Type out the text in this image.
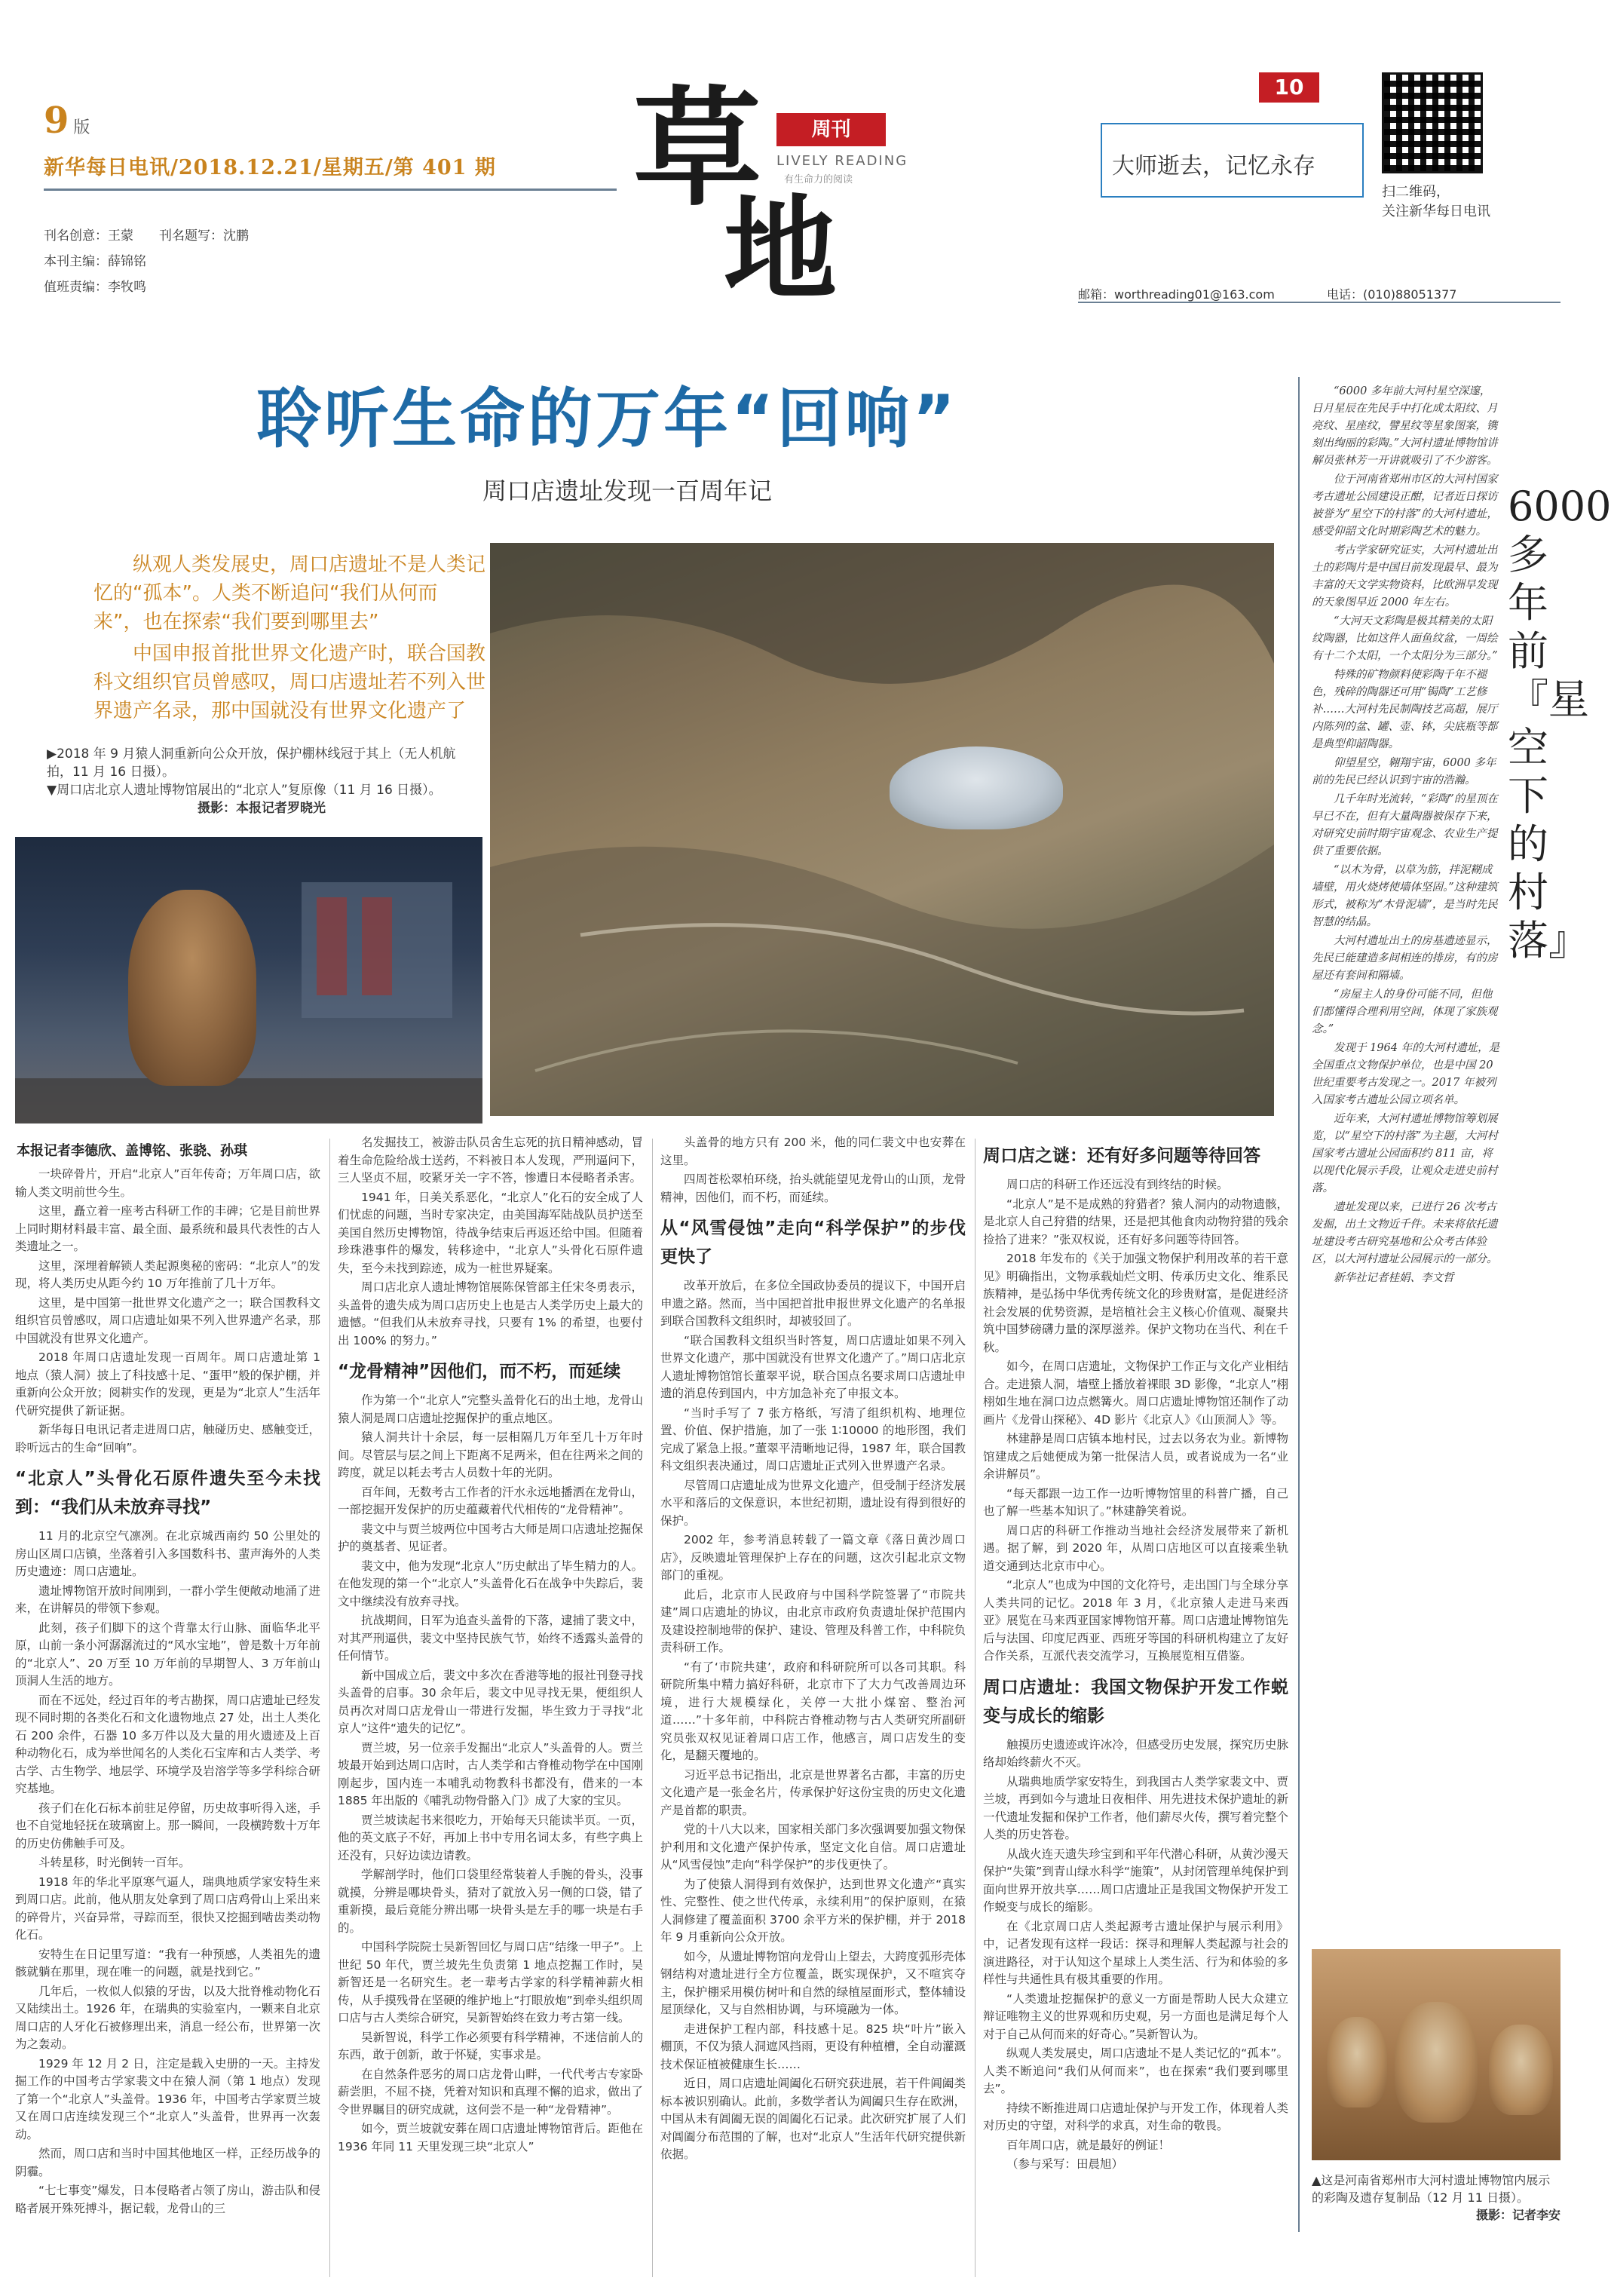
9 版
新华每日电讯/2018.12.21/星期五/第 401 期
刊名创意：王蒙　　刊名题写：沈鹏
本刊主编：薛锦铭
值班责编：李牧鸣
草
地
周刊
LIVELY READING
有生命力的阅读
10
大师逝去，记忆永存
扫二维码，
关注新华每日电讯
邮箱：worthreading01@163.com	电话：(010)88051377
聆听生命的万年“回响”
周口店遗址发现一百周年记
纵观人类发展史，周口店遗址不是人类记忆的“孤本”。人类不断追问“我们从何而来”，也在探索“我们要到哪里去”
中国申报首批世界文化遗产时，联合国教科文组织官员曾感叹，周口店遗址若不列入世界遗产名录，那中国就没有世界文化遗产了
▶2018 年 9 月猿人洞重新向公众开放，保护棚林线冠于其上（无人机航拍，11 月 16 日摄）。
▼周口店北京人遗址博物馆展出的“北京人”复原像（11 月 16 日摄）。
摄影：本报记者罗晓光
本报记者李德欣、盖博铭、张骁、孙琪

一块碎骨片，开启“北京人”百年传奇；万年周口店，欲输人类文明前世今生。

这里，矗立着一座考古科研工作的丰碑；它是目前世界上同时期材料最丰富、最全面、最系统和最具代表性的古人类遗址之一。

这里，深埋着解锁人类起源奥秘的密码：“北京人”的发现，将人类历史从距今约 10 万年推前了几十万年。

这里，是中国第一批世界文化遗产之一；联合国教科文组织官员曾感叹，周口店遗址如果不列入世界遗产名录，那中国就没有世界文化遗产。

2018 年周口店遗址发现一百周年。周口店遗址第 1 地点（猿人洞）披上了科技感十足、“蛋甲”般的保护棚，并重新向公众开放；阅耕实作的发现，更是为“北京人”生活年代研究提供了新证据。

新华每日电讯记者走进周口店，触碰历史、感触变迁，聆听远古的生命“回响”。

“北京人”头骨化石原件遗失至今未找到：“我们从未放弃寻找”

11 月的北京空气凛冽。在北京城西南约 50 公里处的房山区周口店镇，坐落着引入多国数科书、蜚声海外的人类历史遗迹：周口店遗址。

遗址博物馆开放时间刚到，一群小学生便敞动地涌了进来，在讲解员的带领下参观。

此刻，孩子们脚下的这个背靠太行山脉、面临华北平原，山前一条小河潺潺流过的“风水宝地”，曾是数十万年前的“北京人”、20 万至 10 万年前的早期智人、3 万年前山顶洞人生活的地方。

而在不远处，经过百年的考古勘探，周口店遗址已经发现不同时期的各类化石和文化遗物地点 27 处，出土人类化石 200 余件，石器 10 多万件以及大量的用火遗迹及上百种动物化石，成为举世闻名的人类化石宝库和古人类学、考古学、古生物学、地层学、环境学及岩溶学等多学科综合研究基地。

孩子们在化石标本前驻足停留，历史故事听得入迷，手也不自觉地轻抚在玻璃窗上。那一瞬间，一段横跨数十万年的历史仿佛触手可及。

斗转星移，时光倒转一百年。

1918 年的华北平原寒气逼人，瑞典地质学家安特生来到周口店。此前，他从朋友处拿到了周口店鸡骨山上采出来的碎骨片，兴奋异常，寻踪而至，很快又挖掘到啮齿类动物化石。

安特生在日记里写道：“我有一种预感，人类祖先的遗骸就躺在那里，现在唯一的问题，就是找到它。”

几年后，一枚似人似猿的牙齿，以及大批脊椎动物化石又陆续出土。1926 年，在瑞典的实验室内，一颗来自北京周口店的人牙化石被修理出来，消息一经公布，世界第一次为之轰动。

1929 年 12 月 2 日，注定是载入史册的一天。主持发掘工作的中国考古学家裴文中在猿人洞（第 1 地点）发现了第一个“北京人”头盖骨。1936 年，中国考古学家贾兰坡又在周口店连续发现三个“北京人”头盖骨，世界再一次轰动。

然而，周口店和当时中国其他地区一样，正经历战争的阴霾。

“七七事变”爆发，日本侵略者占领了房山，游击队和侵略者展开殊死搏斗，据记载，龙骨山的三

名发掘技工，被游击队员舍生忘死的抗日精神感动，冒着生命危险给战士送药，不料被日本人发现，严刑逼问下，三人坚贞不屈，咬紧牙关一字不答，惨遭日本侵略者杀害。

1941 年，日美关系恶化，“北京人”化石的安全成了人们忧虑的问题，当时专家决定，由美国海军陆战队员护送至美国自然历史博物馆，待战争结束后再返还给中国。但随着珍珠港事件的爆发，转移途中，“北京人”头骨化石原件遗失，至今未找到踪迹，成为一桩世界疑案。

周口店北京人遗址博物馆展陈保管部主任宋冬勇表示，头盖骨的遗失成为周口店历史上也是古人类学历史上最大的遗憾。“但我们从未放弃寻找，只要有 1% 的希望，也要付出 100% 的努力。”

“龙骨精神”因他们，而不朽，而延续

作为第一个“北京人”完整头盖骨化石的出土地，龙骨山猿人洞是周口店遗址挖掘保护的重点地区。

猿人洞共计十余层，每一层相隔几万年至几十万年时间。尽管层与层之间上下距离不足两米，但在往两米之间的跨度，就足以耗去考古人员数十年的光阴。

百年间，无数考古工作者的汗水永远地播洒在龙骨山，一部挖掘开发保护的历史蕴藏着代代相传的“龙骨精神”。

裴文中与贾兰坡两位中国考古大师是周口店遗址挖掘保护的奠基者、见证者。

裴文中，他为发现“北京人”历史献出了毕生精力的人。在他发现的第一个“北京人”头盖骨化石在战争中失踪后，裴文中继续没有放弃寻找。

抗战期间，日军为追查头盖骨的下落，逮捕了裴文中，对其严刑逼供，裴文中坚持民族气节，始终不透露头盖骨的任何情节。

新中国成立后，裴文中多次在香港等地的报社刊登寻找头盖骨的启事。30 余年后，裴文中见寻找无果，便组织人员再次对周口店龙骨山一带进行发掘，毕生致力于寻找“北京人”这件“遗失的记忆”。

贾兰坡，另一位亲手发掘出“北京人”头盖骨的人。贾兰坡最开始到达周口店时，古人类学和古脊椎动物学在中国刚刚起步，国内连一本哺乳动物教科书都没有，借来的一本 1885 年出版的《哺乳动物骨骼入门》成了大家的宝贝。

贾兰坡读起书来很吃力，开始每天只能读半页。一页，他的英文底子不好，再加上书中专用名词太多，有些字典上还没有，只好边读边请教。

学解剖学时，他们口袋里经常装着人手腕的骨头，没事就摸，分辨是哪块骨头，猜对了就放入另一侧的口袋，错了重新摸，最后竟能分辨出哪一块骨头是左手的哪一块是右手的。

中国科学院院士吴新智回忆与周口店“结缘一甲子”。上世纪 50 年代，贾兰坡先生负责第 1 地点挖掘工作时，吴新智还是一名研究生。老一辈考古学家的科学精神薪火相传，从手摸残骨在坚硬的维护地上“打眼放炮”到牵头组织周口店与古人类综合研究，吴新智始终在致力考古第一线。

吴新智说，科学工作必须要有科学精神，不迷信前人的东西，敢于创新，敢于怀疑，实事求是。

在自然条件恶劣的周口店龙骨山畔，一代代考古专家卧薪尝胆，不屈不挠，凭着对知识和真理不懈的追求，做出了令世界瞩目的研究成就，这何尝不是一种“龙骨精神”。

如今，贾兰坡就安葬在周口店遗址博物馆背后。距他在 1936 年同 11 天里发现三块“北京人”

头盖骨的地方只有 200 米，他的同仁裴文中也安葬在这里。

四周苍松翠柏环绕，抬头就能望见龙骨山的山顶，龙骨精神，因他们，而不朽，而延续。

从“风雪侵蚀”走向“科学保护”的步伐更快了

改革开放后，在多位全国政协委员的提议下，中国开启申遗之路。然而，当中国把首批申报世界文化遗产的名单报到联合国教科文组织时，却被驳回了。

“联合国教科文组织当时答复，周口店遗址如果不列入世界文化遗产，那中国就没有世界文化遗产了。”周口店北京人遗址博物馆馆长董翠平说，联合国点名要求周口店遗址申遗的消息传到国内，中方加急补充了申报文本。

“当时手写了 7 张方格纸，写清了组织机构、地理位置、价值、保护措施，加了一张 1∶10000 的地形图，我们完成了紧急上报。”董翠平清晰地记得，1987 年，联合国教科文组织表决通过，周口店遗址正式列入世界遗产名录。

尽管周口店遗址成为世界文化遗产，但受制于经济发展水平和落后的文保意识，本世纪初期，遗址设有得到很好的保护。

2002 年，参考消息转载了一篇文章《落日黄沙周口店》，反映遗址管理保护上存在的问题，这次引起北京文物部门的重视。

此后，北京市人民政府与中国科学院签署了“市院共建”周口店遗址的协议，由北京市政府负责遗址保护范围内及建设控制地带的保护、建设、管理及科普工作，中科院负责科研工作。

“有了‘市院共建’，政府和科研院所可以各司其职。科研院所集中精力搞好科研，北京市下了大力气改善周边环境，进行大规模绿化，关停一大批小煤窑、整治河道……”十多年前，中科院古脊椎动物与古人类研究所副研究员张双权见证着周口店工作，他感言，周口店发生的变化，是翻天覆地的。

习近平总书记指出，北京是世界著名古都，丰富的历史文化遗产是一张金名片，传承保护好这份宝贵的历史文化遗产是首都的职责。

党的十八大以来，国家相关部门多次强调要加强文物保护利用和文化遗产保护传承，坚定文化自信。周口店遗址从“风雪侵蚀”走向“科学保护”的步伐更快了。

为了使猿人洞得到有效保护，达到世界文化遗产“真实性、完整性、使之世代传承，永续利用”的保护原则，在猿人洞修建了覆盖面积 3700 余平方米的保护棚，并于 2018 年 9 月重新向公众开放。

如今，从遗址博物馆向龙骨山上望去，大跨度弧形壳体钢结构对遗址进行全方位覆盖，既实现保护，又不喧宾夺主，保护棚采用模仿树叶和自然的绿植屋面形式，整体辅设屋顶绿化，又与自然相协调，与环境融为一体。

走进保护工程内部，科技感十足。825 块“叶片”嵌入棚顶，不仅为猿人洞遮风挡雨，更设有种植槽，全自动灌溉技术保证植被健康生长……

近日，周口店遗址阊阖化石研究获进展，若干件阊阖类标本被识别确认。此前，多数学者认为阊阖只生存在欧洲，中国从未有阊阖无误的阊阖化石记录。此次研究扩展了人们对阊阖分布范围的了解，也对“北京人”生活年代研究提供新依据。

周口店之谜：还有好多问题等待回答

周口店的科研工作还远没有到终结的时候。

“北京人”是不是成熟的狩猎者？猿人洞内的动物遗骸，是北京人自己狩猎的结果，还是把其他食肉动物狩猎的残余捡拾了进来？”张双权说，还有好多问题等待回答。

2018 年发布的《关于加强文物保护利用改革的若干意见》明确指出，文物承载灿烂文明、传承历史文化、维系民族精神，是弘扬中华优秀传统文化的珍贵财富，是促进经济社会发展的优势资源，是培植社会主义核心价值观、凝聚共筑中国梦磅礴力量的深厚滋养。保护文物功在当代、利在千秋。

如今，在周口店遗址，文物保护工作正与文化产业相结合。走进猿人洞，墙壁上播放着裸眼 3D 影像，“北京人”栩栩如生地在洞口边点燃篝火。周口店遗址博物馆还制作了动画片《龙骨山探秘》、4D 影片《北京人》《山顶洞人》等。

林建静是周口店镇本地村民，过去以务农为业。新博物馆建成之后她便成为第一批保洁人员，或者说成为一名“业余讲解员”。

“每天都跟一边工作一边听博物馆里的科普广播，自己也了解一些基本知识了。”林建静笑着说。

周口店的科研工作推动当地社会经济发展带来了新机遇。据了解，到 2020 年，从周口店地区可以直接乘坐轨道交通到达北京市中心。

“北京人”也成为中国的文化符号，走出国门与全球分享人类共同的记忆。2018 年 3 月，《北京猿人走进马来西亚》展览在马来西亚国家博物馆开幕。周口店遗址博物馆先后与法国、印度尼西亚、西班牙等国的科研机构建立了友好合作关系，互派代表交流学习，互换展览相互借鉴。

周口店遗址：我国文物保护开发工作蜕变与成长的缩影

触摸历史遗迹或许冰冷，但感受历史发展，探究历史脉络却始终薪火不灭。

从瑞典地质学家安特生，到我国古人类学家裴文中、贾兰坡，再到如今与遗址日夜相伴、用先进技术保护遗址的新一代遗址发掘和保护工作者，他们薪尽火传，撰写着完整个人类的历史答卷。

从战火连天遗失珍宝到和平年代潜心科研，从黄沙漫天保护“失策”到青山绿水科学“施策”，从封闭管理单纯保护到面向世界开放共享……周口店遗址正是我国文物保护开发工作蜕变与成长的缩影。

在《北京周口店人类起源考古遗址保护与展示利用》中，记者发现有这样一段话：探寻和理解人类起源与社会的演进路径，对于认知这个星球上人类生活、行为和体验的多样性与共通性具有极其重要的作用。

“人类遗址挖掘保护的意义一方面是帮助人民大众建立辩证唯物主义的世界观和历史观，另一方面也是满足每个人对于自己从何而来的好奇心。”吴新智认为。

纵观人类发展史，周口店遗址不是人类记忆的“孤本”。人类不断追问“我们从何而来”，也在探索“我们要到哪里去”。

持续不断推进周口店遗址保护与开发工作，体现着人类对历史的守望，对科学的求真，对生命的敬畏。

百年周口店，就是最好的例证！

（参与采写：田晨旭）

6000 多年前『星空下的村落』

“6000 多年前大河村星空深邃，日月星辰在先民手中打化成太阳纹、月亮纹、星座纹，譬星纹等星象图案，镌刻出绚丽的彩陶。”大河村遗址博物馆讲解员张林芳一开讲就吸引了不少游客。

位于河南省郑州市区的大河村国家考古遗址公园建设正酣，记者近日探访被誉为“星空下的村落”的大河村遗址，感受仰韶文化时期彩陶艺术的魅力。

考古学家研究证实，大河村遗址出土的彩陶片是中国目前发现最早、最为丰富的天文学实物资料，比欧洲早发现的天象图早近 2000 年左右。

“大河天文彩陶是极其精美的太阳纹陶器，比如这件人面鱼纹盆，一周绘有十二个太阳，一个太阳分为三部分。”

特殊的矿物颜料使彩陶千年不褪色，残碎的陶器还可用“锔陶”工艺修补……大河村先民制陶技艺高超，展厅内陈列的盆、罐、壶、钵，尖底瓶等都是典型仰韶陶器。

仰望星空，翱翔宇宙，6000 多年前的先民已经认识到宇宙的浩瀚。

几千年时光流转，“彩陶”的星顶在早已不在，但有大量陶器被保存下来，对研究史前时期宇宙观念、农业生产提供了重要依据。

“以木为骨，以草为筋，拌泥糊成墙壁，用火烧烤使墙体坚固。”这种建筑形式，被称为“木骨泥墙”，是当时先民智慧的结晶。

大河村遗址出土的房基遗迹显示，先民已能建造多间相连的排房，有的房屋还有套间和隔墙。

“房屋主人的身份可能不同，但他们都懂得合理利用空间，体现了家族观念。”

发现于 1964 年的大河村遗址，是全国重点文物保护单位，也是中国 20 世纪重要考古发现之一。2017 年被列入国家考古遗址公园立项名单。

近年来，大河村遗址博物馆筹划展览，以“星空下的村落”为主题，大河村国家考古遗址公园面积约 811 亩，将以现代化展示手段，让观众走进史前村落。

遗址发现以来，已进行 26 次考古发掘，出土文物近千件。未来将依托遗址建设考古研究基地和公众考古体验区，以大河村遗址公园展示的一部分。

新华社记者桂娟、李文哲

▲这是河南省郑州市大河村遗址博物馆内展示的彩陶及遗存复制品（12 月 11 日摄）。
摄影：记者李安
